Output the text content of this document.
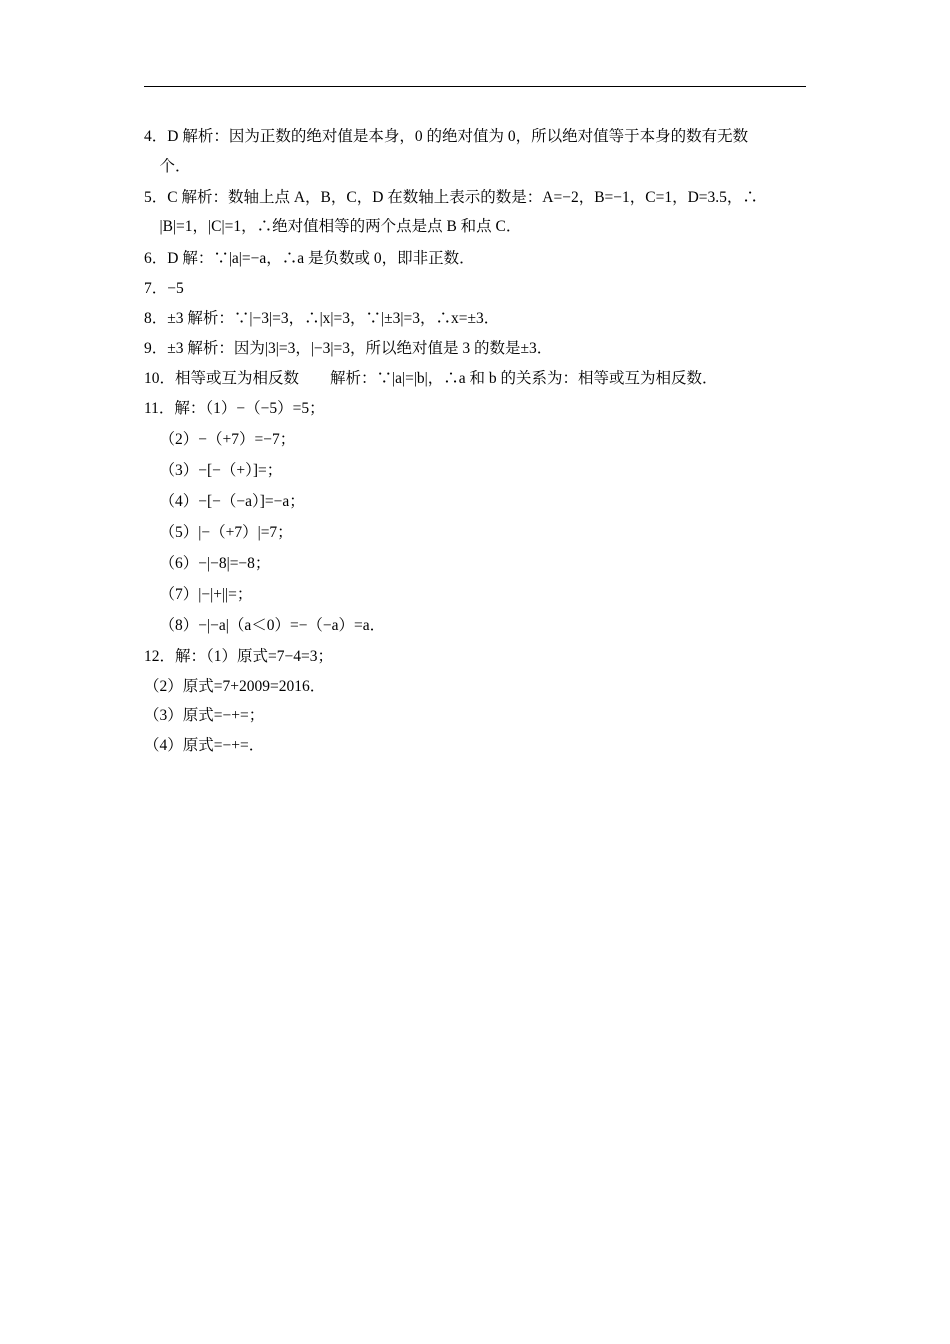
4．D 解析：因为正数的绝对值是本身，0 的绝对值为 0，所以绝对值等于本身的数有无数
个．
5．C 解析：数轴上点 A，B，C，D 在数轴上表示的数是：A=−2，B=−1，C=1，D=3.5，∴
|B|=1，|C|=1，∴绝对值相等的两个点是点 B 和点 C．
6．D 解：∵|a|=−a，∴a 是负数或 0，即非正数．
7．−5
8．±3 解析：∵|−3|=3，∴|x|=3，∵|±3|=3，∴x=±3．
9．±3 解析：因为|3|=3，|−3|=3，所以绝对值是 3 的数是±3．
10．相等或互为相反数        解析：∵|a|=|b|，∴a 和 b 的关系为：相等或互为相反数．
11．解：（1）−（−5）=5；
（2）−（+7）=−7；
（3）−[−（+）]=；
（4）−[−（−a）]=−a；
（5）|−（+7）|=7；
（6）−|−8|=−8；
（7）|−|+||=；
（8）−|−a|（a＜0）=−（−a）=a．
12．解：（1）原式=7−4=3；
（2）原式=7+2009=2016．
（3）原式=−+=；
（4）原式=−+=．
